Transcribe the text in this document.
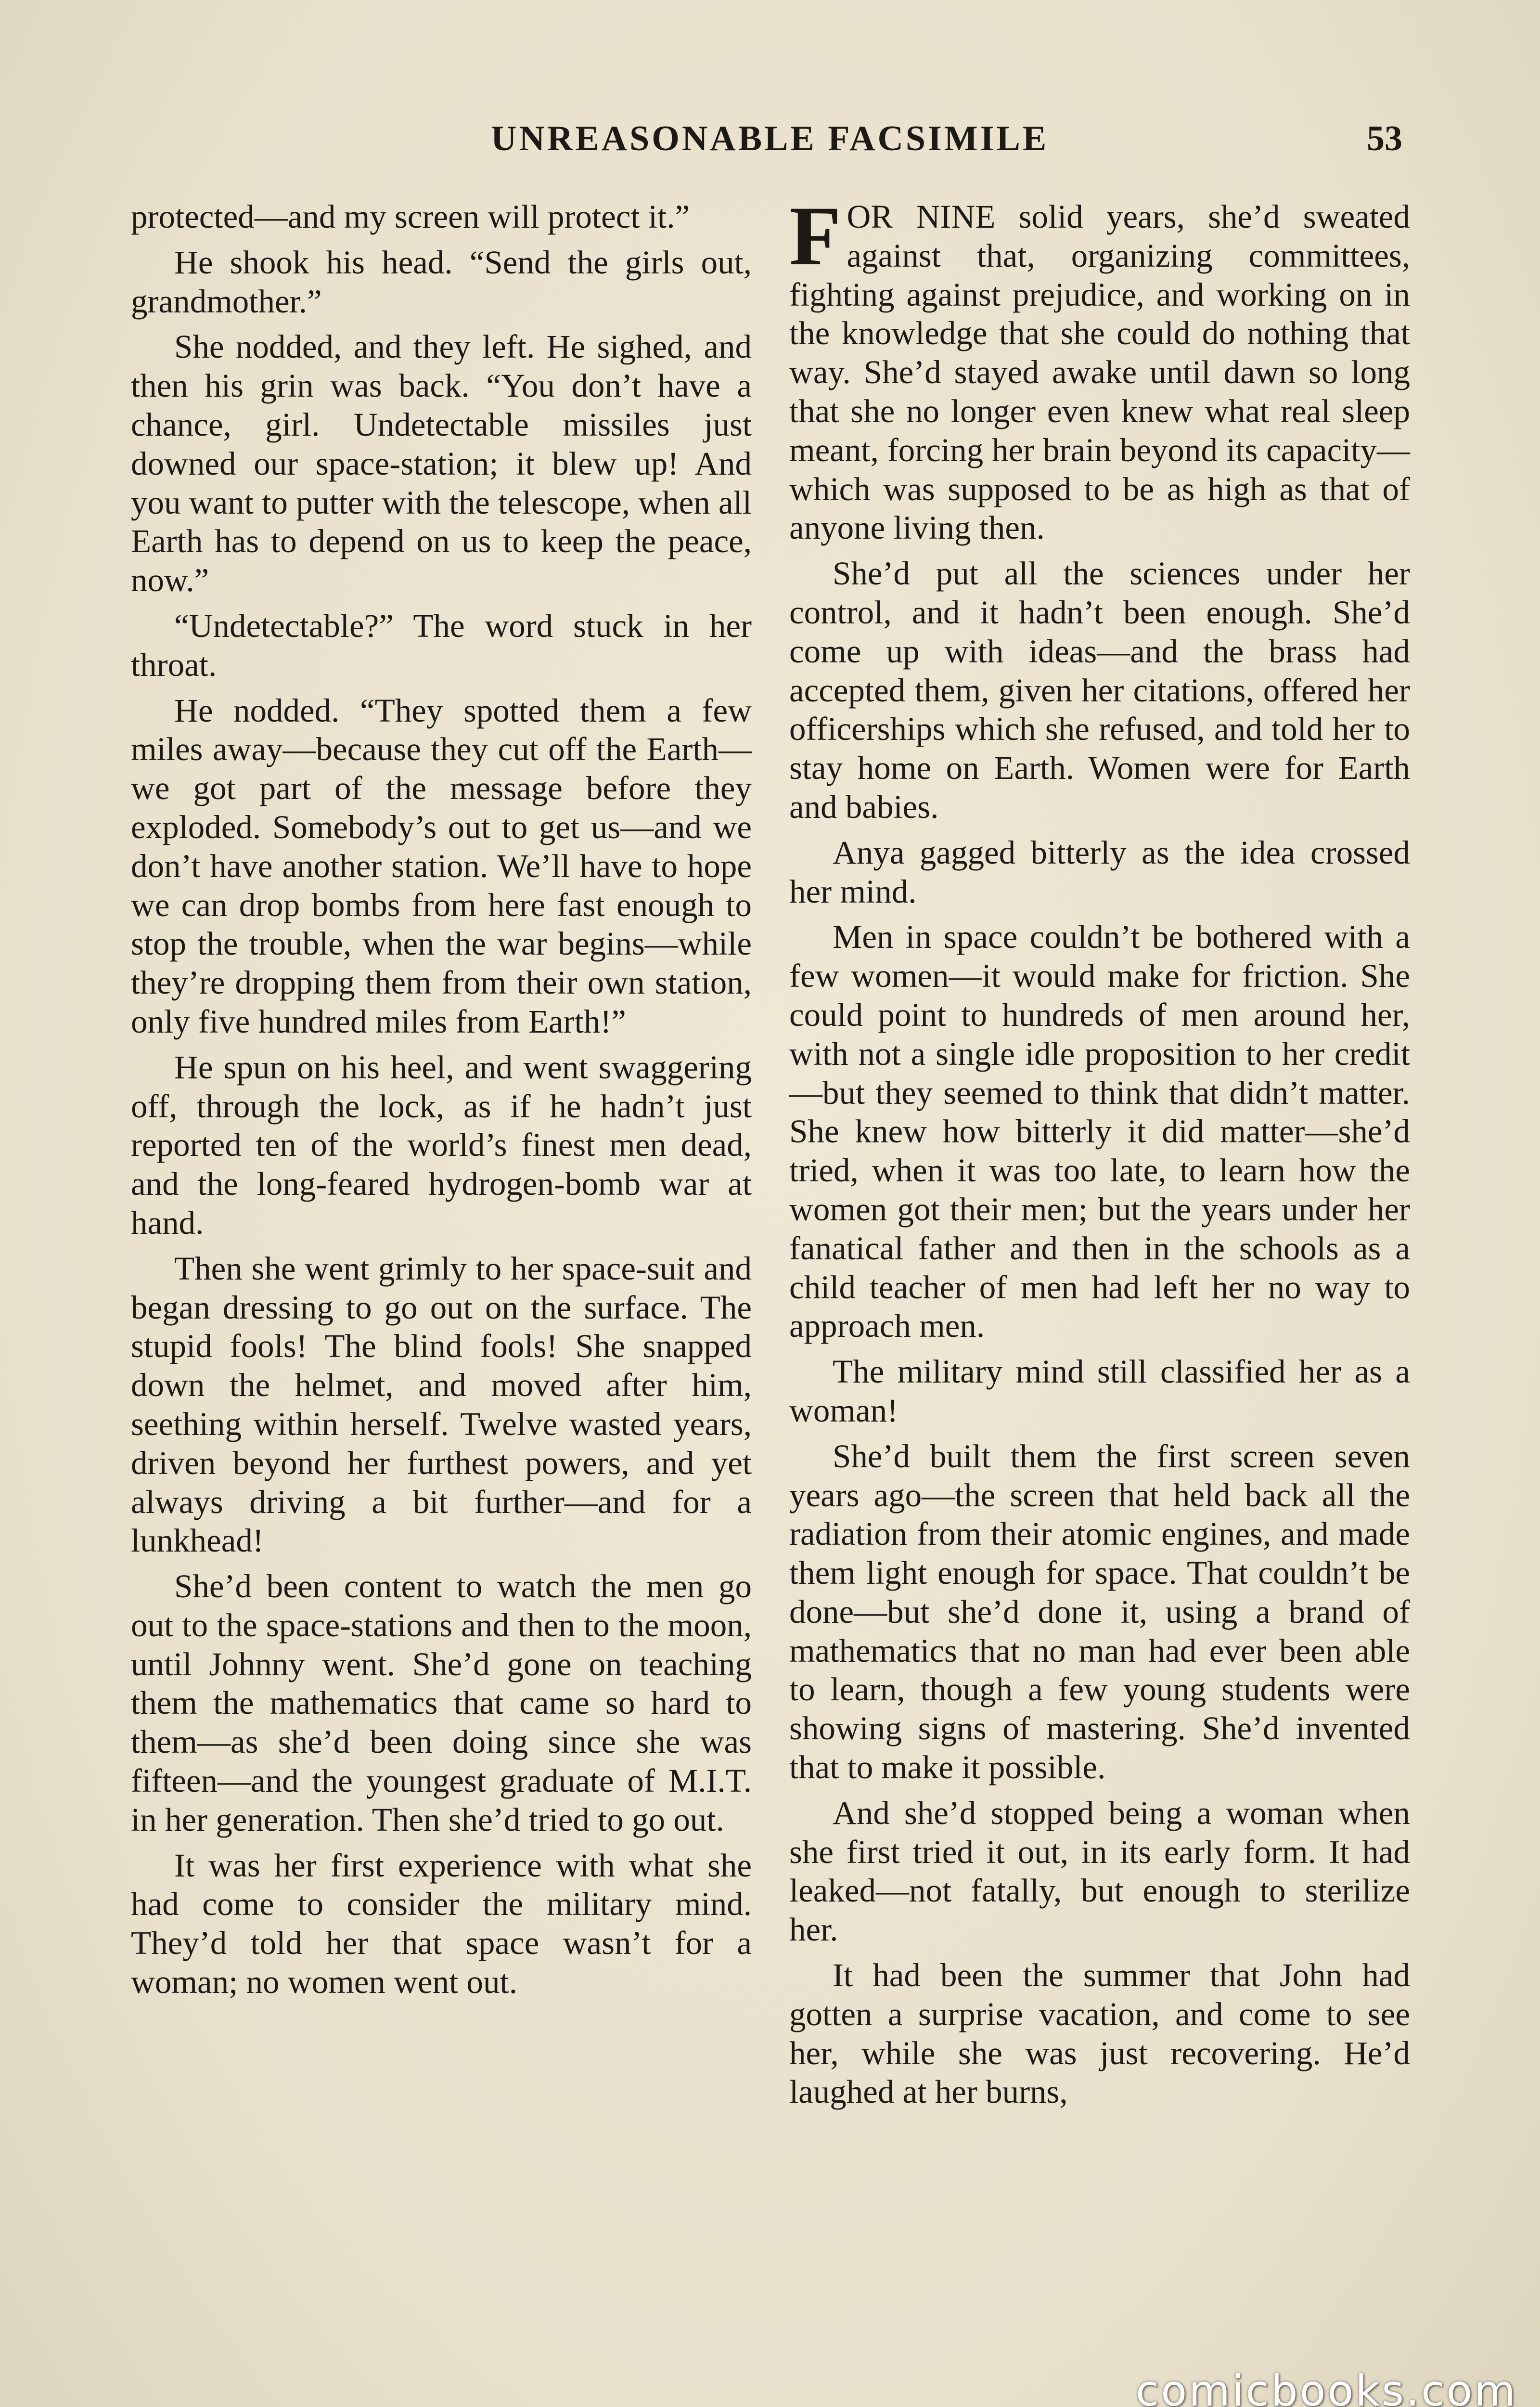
UNREASONABLE FACSIMILE	53

protected—and my screen will protect it.”

He shook his head. “Send the girls out, grandmother.”

She nodded, and they left. He sighed, and then his grin was back. “You don’t have a chance, girl. Undetectable missiles just downed our space-station; it blew up! And you want to putter with the telescope, when all Earth has to depend on us to keep the peace, now.”

“Undetectable?” The word stuck in her throat.

He nodded. “They spotted them a few miles away—because they cut off the Earth—we got part of the message before they exploded. Somebody’s out to get us—and we don’t have another station. We’ll have to hope we can drop bombs from here fast enough to stop the trouble, when the war begins—while they’re dropping them from their own station, only five hundred miles from Earth!”

He spun on his heel, and went swaggering off, through the lock, as if he hadn’t just reported ten of the world’s finest men dead, and the long-feared hydrogen-bomb war at hand.

Then she went grimly to her space-suit and began dressing to go out on the surface. The stupid fools! The blind fools! She snapped down the helmet, and moved after him, seething within herself. Twelve wasted years, driven beyond her furthest powers, and yet always driving a bit further—and for a lunkhead!

She’d been content to watch the men go out to the space-stations and then to the moon, until Johnny went. She’d gone on teaching them the mathematics that came so hard to them—as she’d been doing since she was fifteen—and the youngest graduate of M.I.T. in her generation. Then she’d tried to go out.

It was her first experience with what she had come to consider the military mind. They’d told her that space wasn’t for a woman; no women went out.

FOR NINE solid years, she’d sweated against that, organizing committees, fighting against prejudice, and working on in the knowledge that she could do nothing that way. She’d stayed awake until dawn so long that she no longer even knew what real sleep meant, forcing her brain beyond its capacity—which was supposed to be as high as that of anyone living then.

She’d put all the sciences under her control, and it hadn’t been enough. She’d come up with ideas—and the brass had accepted them, given her citations, offered her officerships which she refused, and told her to stay home on Earth. Women were for Earth and babies.

Anya gagged bitterly as the idea crossed her mind.

Men in space couldn’t be bothered with a few women—it would make for friction. She could point to hundreds of men around her, with not a single idle proposition to her credit—but they seemed to think that didn’t matter. She knew how bitterly it did matter—she’d tried, when it was too late, to learn how the women got their men; but the years under her fanatical father and then in the schools as a child teacher of men had left her no way to approach men.

The military mind still classified her as a woman!

She’d built them the first screen seven years ago—the screen that held back all the radiation from their atomic engines, and made them light enough for space. That couldn’t be done—but she’d done it, using a brand of mathematics that no man had ever been able to learn, though a few young students were showing signs of mastering. She’d invented that to make it possible.

And she’d stopped being a woman when she first tried it out, in its early form. It had leaked—not fatally, but enough to sterilize her.

It had been the summer that John had gotten a surprise vacation, and come to see her, while she was just recovering. He’d laughed at her burns,

comicbooks.com
